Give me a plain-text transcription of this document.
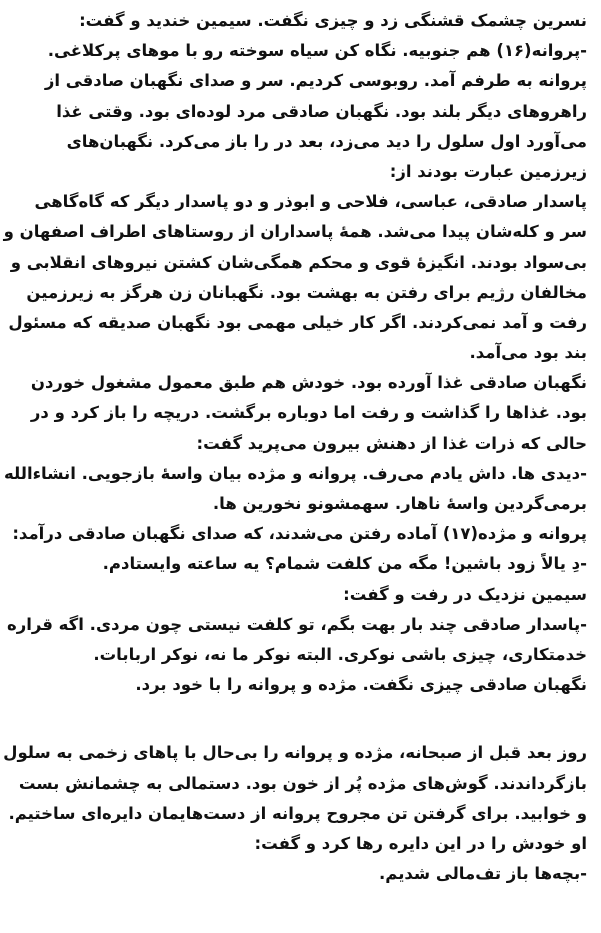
نسرین چشمک قشنگی زد و چیزی نگفت. سیمین خندید و گفت:
-پروانه(۱۶) هم جنوبیه. نگاه کن سیاه سوخته رو با موهای پرکلاغی.
پروانه به طرفم آمد. روبوسی کردیم. سر و صدای نگهبان صادقی از
راهروهای دیگر بلند بود. نگهبان صادقی مرد لوده‌ای بود. وقتی غذا
می‌آورد اول سلول را دید می‌زد، بعد در را باز می‌کرد. نگهبان‌های
زیرزمین عبارت بودند از:
پاسدار صادقی، عباسی، فلاحی و ابوذر و دو پاسدار دیگر که گاه‌گاهی
سر و کله‌شان پیدا می‌شد. همهٔ پاسداران از روستاهای اطراف اصفهان و
بی‌سواد بودند. انگیزهٔ قوی و محکم همگی‌شان کشتن نیروهای انقلابی و
مخالفان رژیم برای رفتن به بهشت بود. نگهبانان زن هرگز به زیرزمین
رفت و آمد نمی‌کردند. اگر کار خیلی مهمی بود نگهبان صدیقه که مسئول
بند بود می‌آمد.
نگهبان صادقی غذا آورده بود. خودش هم طبق معمول مشغول خوردن
بود. غذاها را گذاشت و رفت اما دوباره برگشت. دریچه را باز کرد و در
حالی که ذرات غذا از دهنش بیرون می‌پرید گفت:
-دیدی ها. داش یادم می‌رف. پروانه و مژده بیان واسهٔ بازجویی. انشاءالله
برمی‌گردین واسهٔ ناهار. سهمشونو نخورین ها.
پروانه و مژده(۱۷) آماده رفتن می‌شدند، که صدای نگهبان صادقی درآمد:
-دِ یالاً زود باشین! مگه من کلفت شمام؟ یه ساعته وایستادم.
سیمین نزدیک در رفت و گفت:
-پاسدار صادقی چند بار بهت بگم، تو کلفت نیستی چون مردی. اگه قراره
خدمتکاری، چیزی باشی نوکری. البته نوکر ما نه، نوکر اربابات.
نگهبان صادقی چیزی نگفت. مژده و پروانه را با خود برد.
روز بعد قبل از صبحانه، مژده و پروانه را بی‌حال با پاهای زخمی به سلول
بازگرداندند. گوش‌های مژده پُر از خون بود. دستمالی به چشمانش بست
و خوابید. برای گرفتن تن مجروح پروانه از دست‌هایمان دایره‌ای ساختیم.
او خودش را در این دایره رها کرد و گفت:
-بچه‌ها باز تف‌مالی شدیم.
